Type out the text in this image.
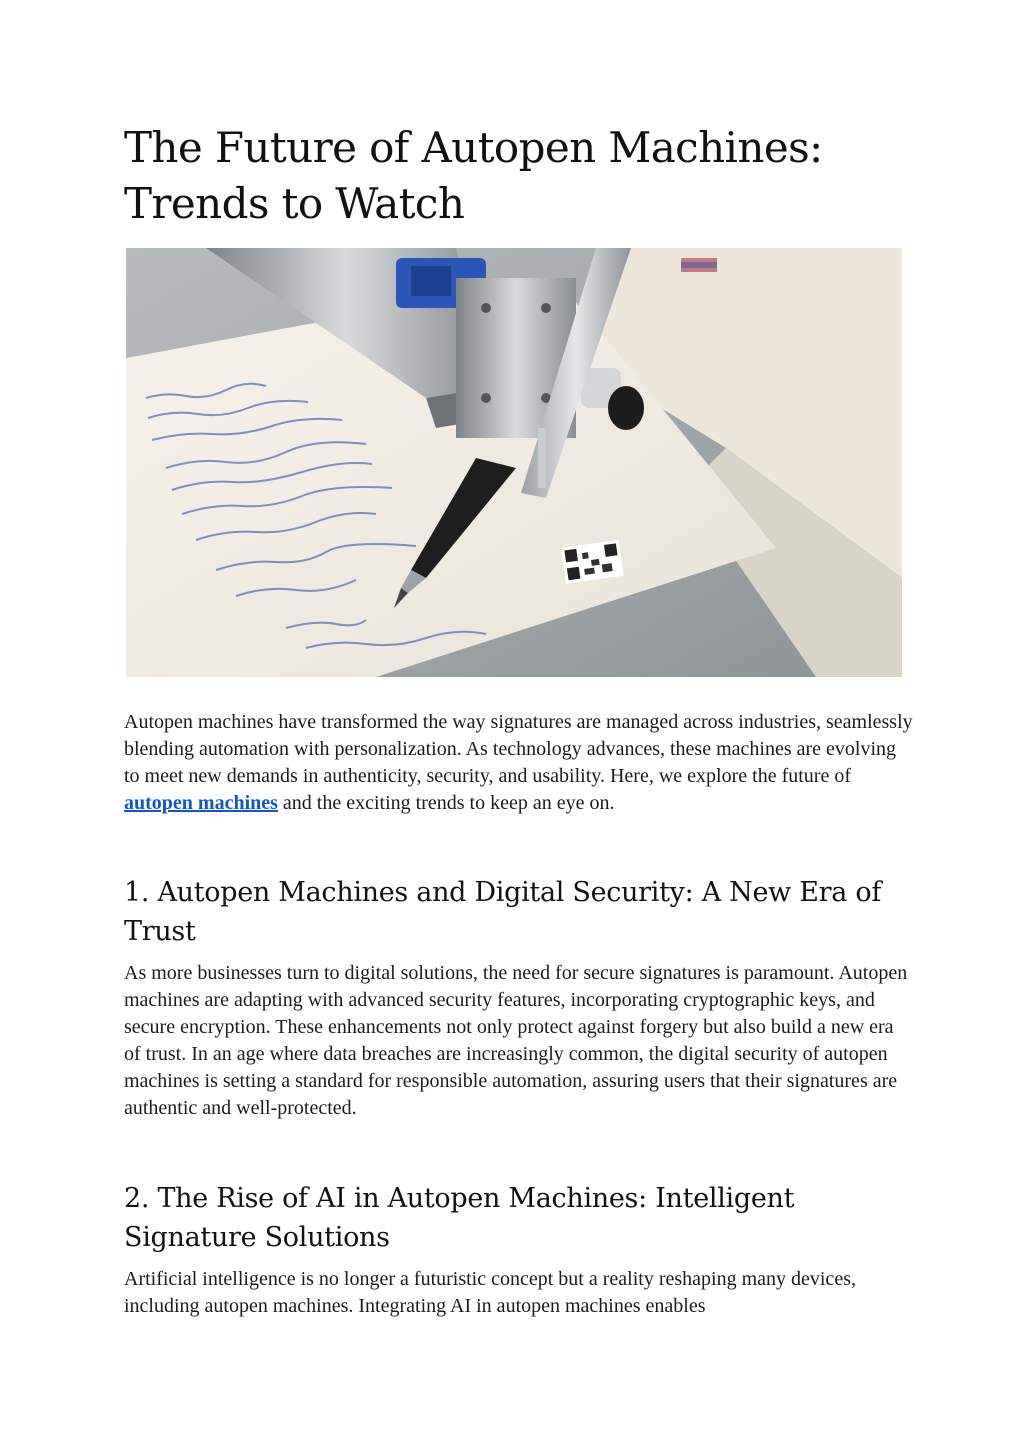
The Future of Autopen Machines: Trends to Watch

Autopen machines have transformed the way signatures are managed across industries, seamlessly blending automation with personalization. As technology advances, these machines are evolving to meet new demands in authenticity, security, and usability. Here, we explore the future of autopen machines and the exciting trends to keep an eye on.

1. Autopen Machines and Digital Security: A New Era of Trust

As more businesses turn to digital solutions, the need for secure signatures is paramount. Autopen machines are adapting with advanced security features, incorporating cryptographic keys, and secure encryption. These enhancements not only protect against forgery but also build a new era of trust. In an age where data breaches are increasingly common, the digital security of autopen machines is setting a standard for responsible automation, assuring users that their signatures are authentic and well-protected.

2. The Rise of AI in Autopen Machines: Intelligent Signature Solutions

Artificial intelligence is no longer a futuristic concept but a reality reshaping many devices, including autopen machines. Integrating AI in autopen machines enables
